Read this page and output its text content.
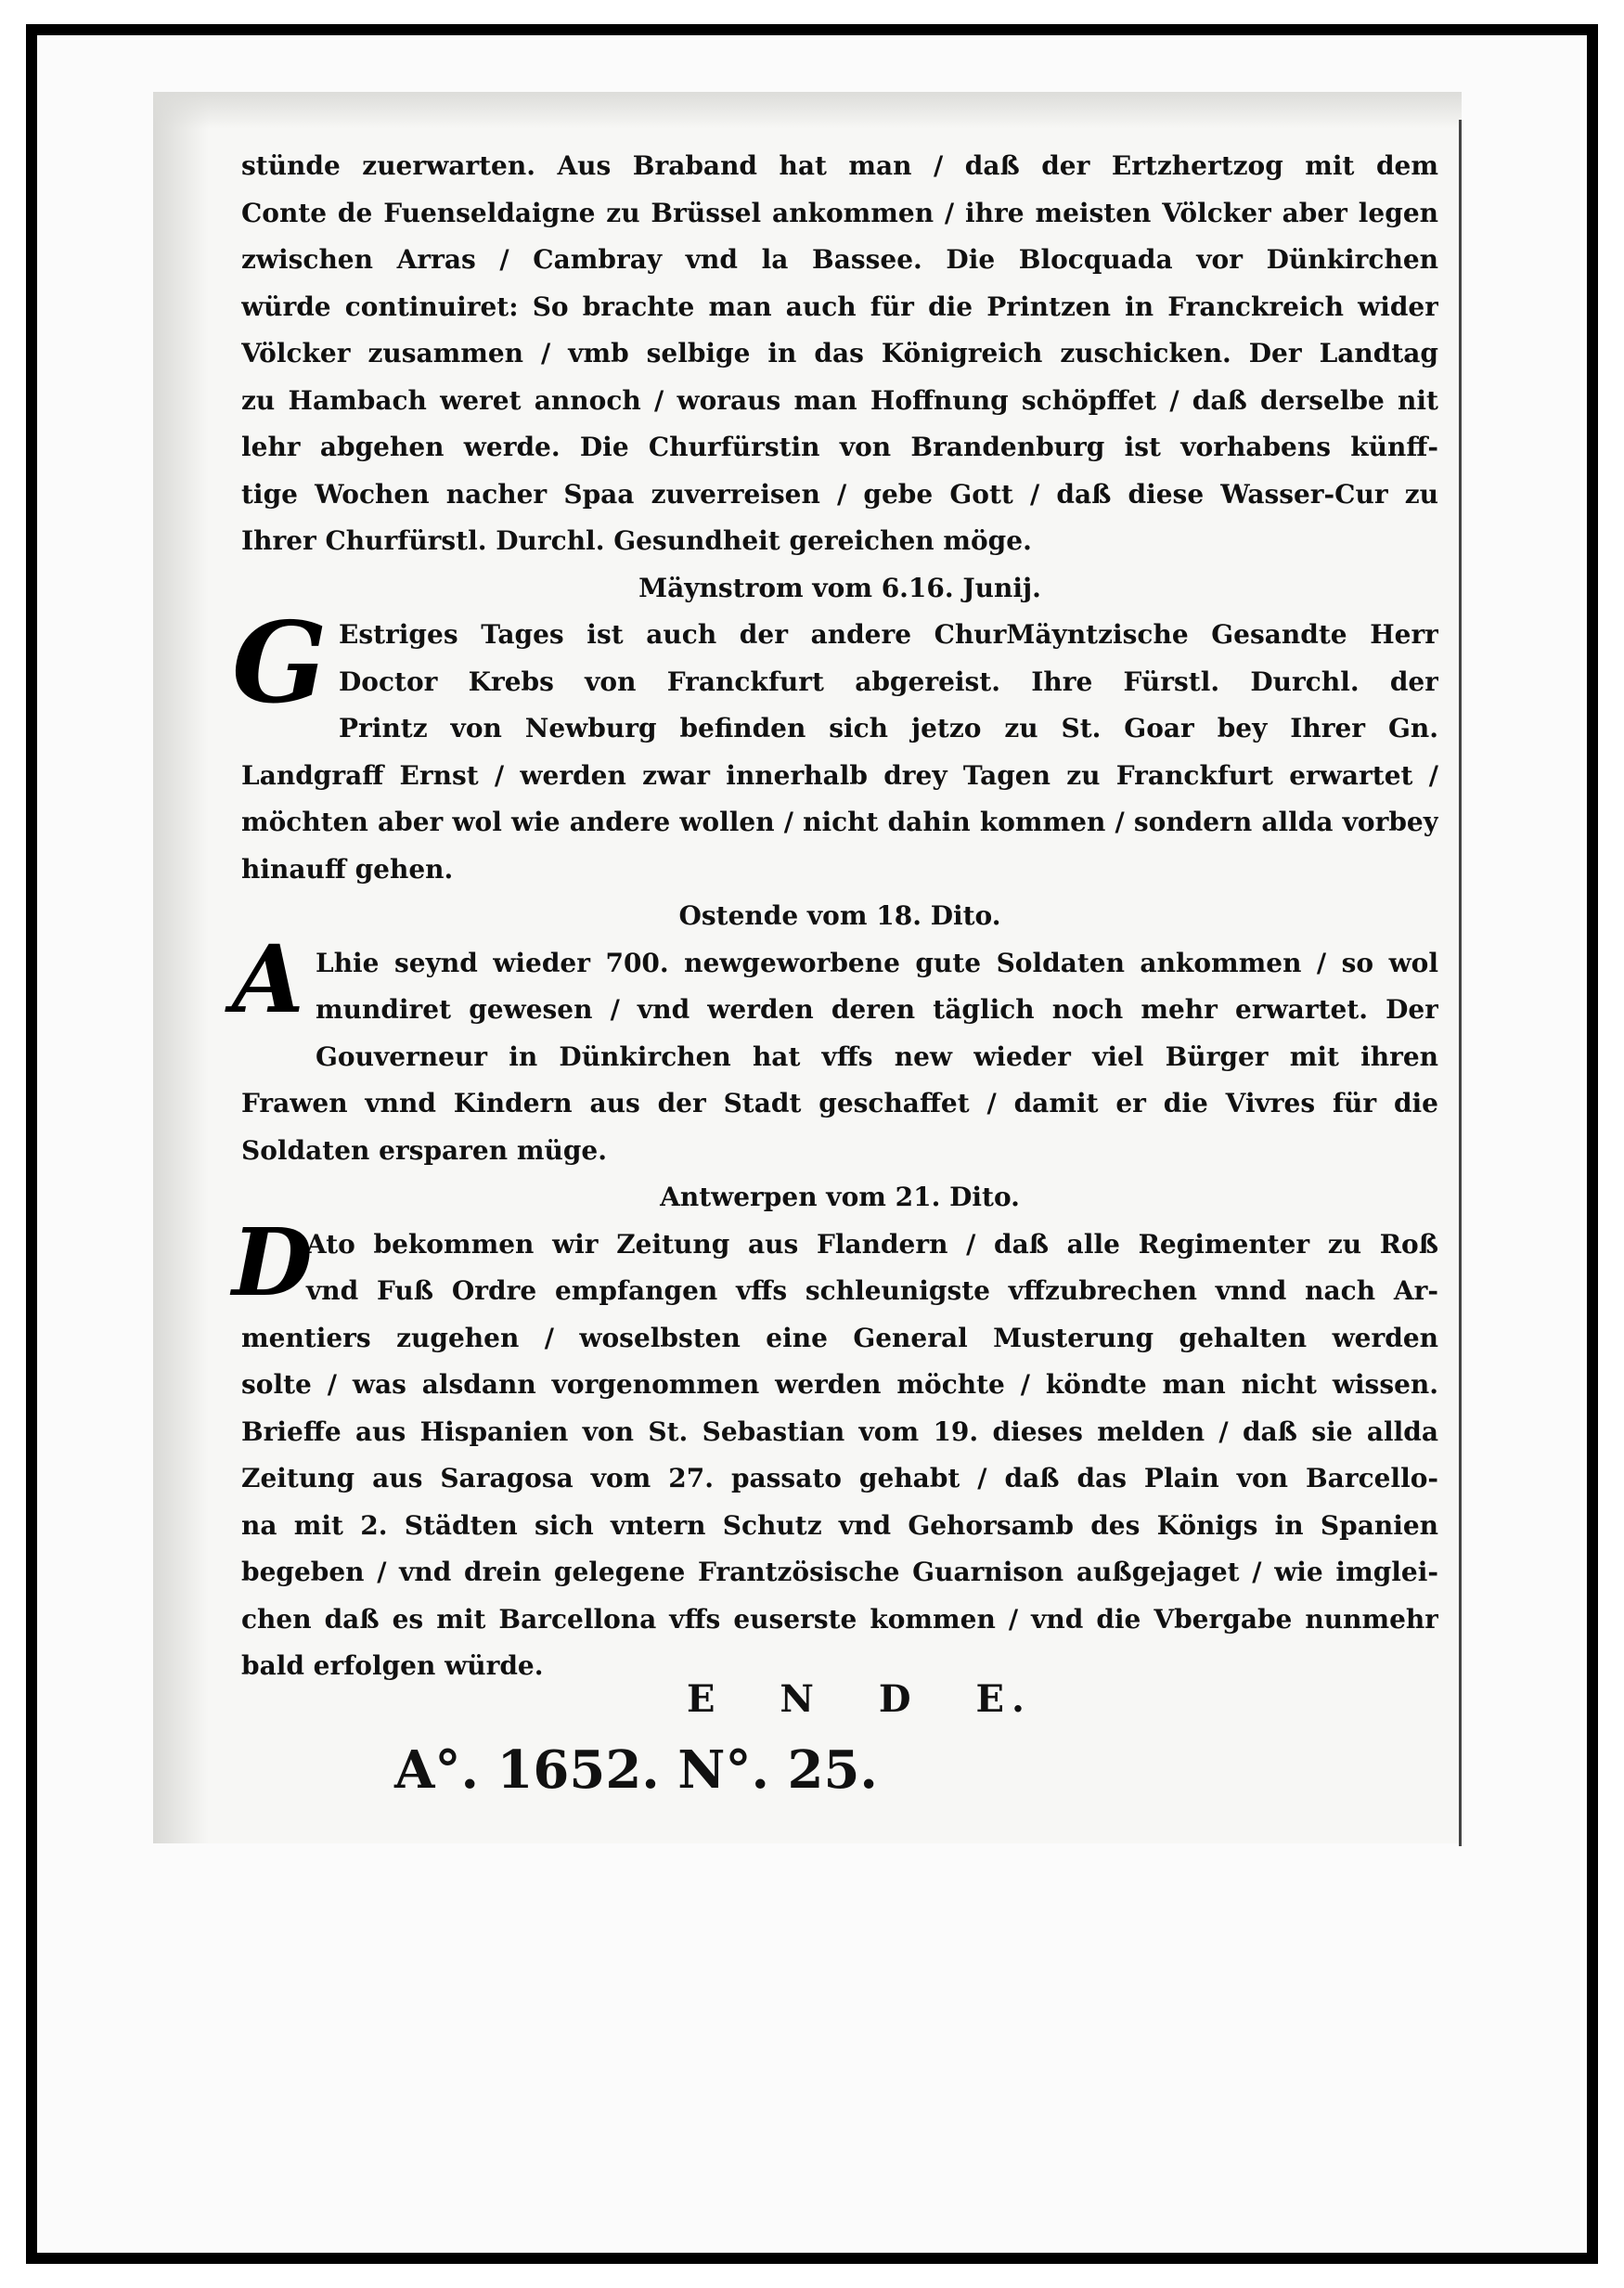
stünde zuerwarten. Aus Braband hat man / daß der Ertzhertzog mit dem
Conte de Fuenseldaigne zu Brüssel ankommen / ihre meisten Völcker aber legen
zwischen Arras / Cambray vnd la Bassee. Die Blocquada vor Dünkirchen
würde continuiret: So brachte man auch für die Printzen in Franckreich wider
Völcker zusammen / vmb selbige in das Königreich zuschicken. Der Landtag
zu Hambach weret annoch / woraus man Hoffnung schöpffet / daß derselbe nit
lehr abgehen werde. Die Churfürstin von Brandenburg ist vorhabens künff-
tige Wochen nacher Spaa zuverreisen / gebe Gott / daß diese Wasser-Cur zu
Ihrer Churfürstl. Durchl. Gesundheit gereichen möge.
Mäynstrom vom 6.16. Junij.
G Estriges Tages ist auch der andere ChurMäyntzische Gesandte Herr
Doctor Krebs von Franckfurt abgereist. Ihre Fürstl. Durchl. der
Printz von Newburg befinden sich jetzo zu St. Goar bey Ihrer Gn.
Landgraff Ernst / werden zwar innerhalb drey Tagen zu Franckfurt erwartet /
möchten aber wol wie andere wollen / nicht dahin kommen / sondern allda vorbey
hinauff gehen.
Ostende vom 18. Dito.
A Lhie seynd wieder 700. newgeworbene gute Soldaten ankommen / so wol
mundiret gewesen / vnd werden deren täglich noch mehr erwartet. Der
Gouverneur in Dünkirchen hat vffs new wieder viel Bürger mit ihren
Frawen vnnd Kindern aus der Stadt geschaffet / damit er die Vivres für die
Soldaten ersparen müge.
Antwerpen vom 21. Dito.
D
Ato bekommen wir Zeitung aus Flandern / daß alle Regimenter zu Roß
vnd Fuß Ordre empfangen vffs schleunigste vffzubrechen vnnd nach Ar-
mentiers zugehen / woselbsten eine General Musterung gehalten werden
solte / was alsdann vorgenommen werden möchte / köndte man nicht wissen.
Brieffe aus Hispanien von St. Sebastian vom 19. dieses melden / daß sie allda
Zeitung aus Saragosa vom 27. passato gehabt / daß das Plain von Barcello-
na mit 2. Städten sich vntern Schutz vnd Gehorsamb des Königs in Spanien
begeben / vnd drein gelegene Frantzösische Guarnison außgejaget / wie imglei-
chen daß es mit Barcellona vffs euserste kommen / vnd die Vbergabe nunmehr
bald erfolgen würde.
E N D E.
A°. 1652. N°. 25.
